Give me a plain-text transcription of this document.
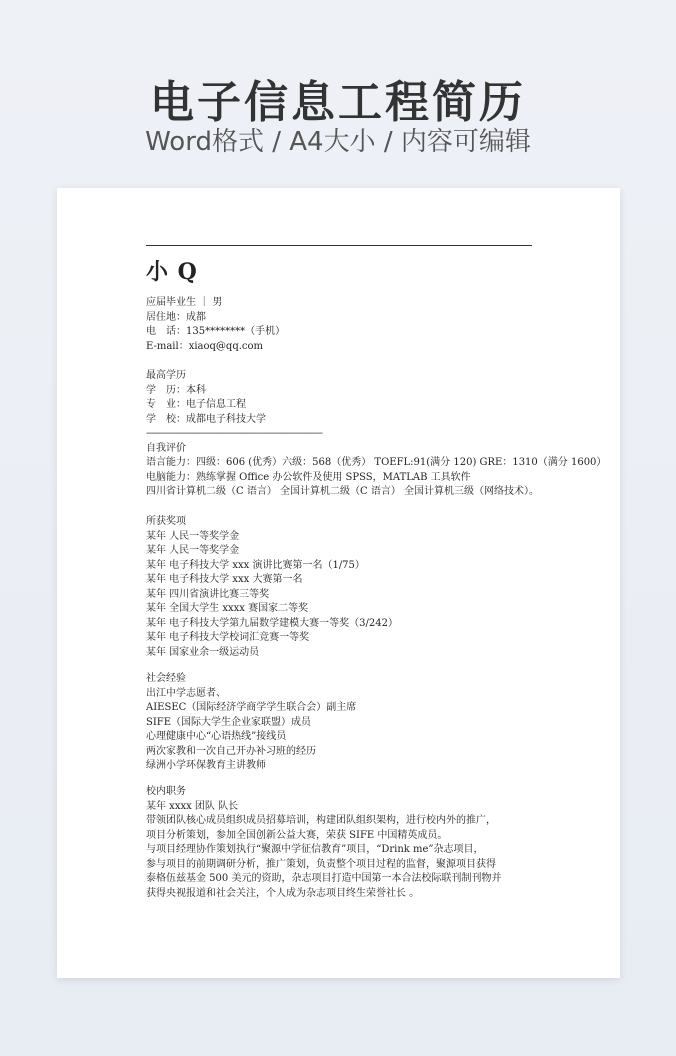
电子信息工程简历
Word格式 / A4大小 / 内容可编辑
小 Q
应届毕业生 ｜ 男
居住地：成都
电　话：135********（手机）
E-mail：xiaoq@qq.com
最高学历
学　历：本科
专　业：电子信息工程
学　校：成都电子科技大学
--------------------------------------------------------------------------
自我评价
语言能力：四级：606 (优秀）六级：568（优秀） TOEFL:91(满分 120) GRE：1310（满分 1600）
电脑能力：熟练掌握 Office 办公软件及使用 SPSS，MATLAB 工具软件
四川省计算机二级（C 语言） 全国计算机二级（C 语言） 全国计算机三级（网络技术）。
所获奖项
某年 人民一等奖学金
某年 人民一等奖学金
某年 电子科技大学 xxx 演讲比赛第一名（1/75）
某年 电子科技大学 xxx 大赛第一名
某年 四川省演讲比赛三等奖
某年 全国大学生 xxxx 赛国家二等奖
某年 电子科技大学第九届数学建模大赛一等奖（3/242）
某年 电子科技大学校词汇竞赛一等奖
某年 国家业余一级运动员
社会经验
出江中学志愿者、
AIESEC（国际经济学商学学生联合会）副主席
SIFE（国际大学生企业家联盟）成员
心理健康中心“心语热线”接线员
两次家教和一次自己开办补习班的经历
绿洲小学环保教育主讲教师
校内职务
某年 xxxx 团队 队长
带领团队核心成员组织成员招募培训，构建团队组织架构，进行校内外的推广，
项目分析策划，参加全国创新公益大赛，荣获 SIFE 中国精英成员。
与项目经理协作策划执行“聚源中学征信教育”项目，“Drink me”杂志项目，
参与项目的前期调研分析，推广策划，负责整个项目过程的监督，聚源项目获得
泰格伍兹基金 500 美元的资助，杂志项目打造中国第一本合法校际联刊制刊物并
获得央视报道和社会关注，个人成为杂志项目终生荣誉社长 。
